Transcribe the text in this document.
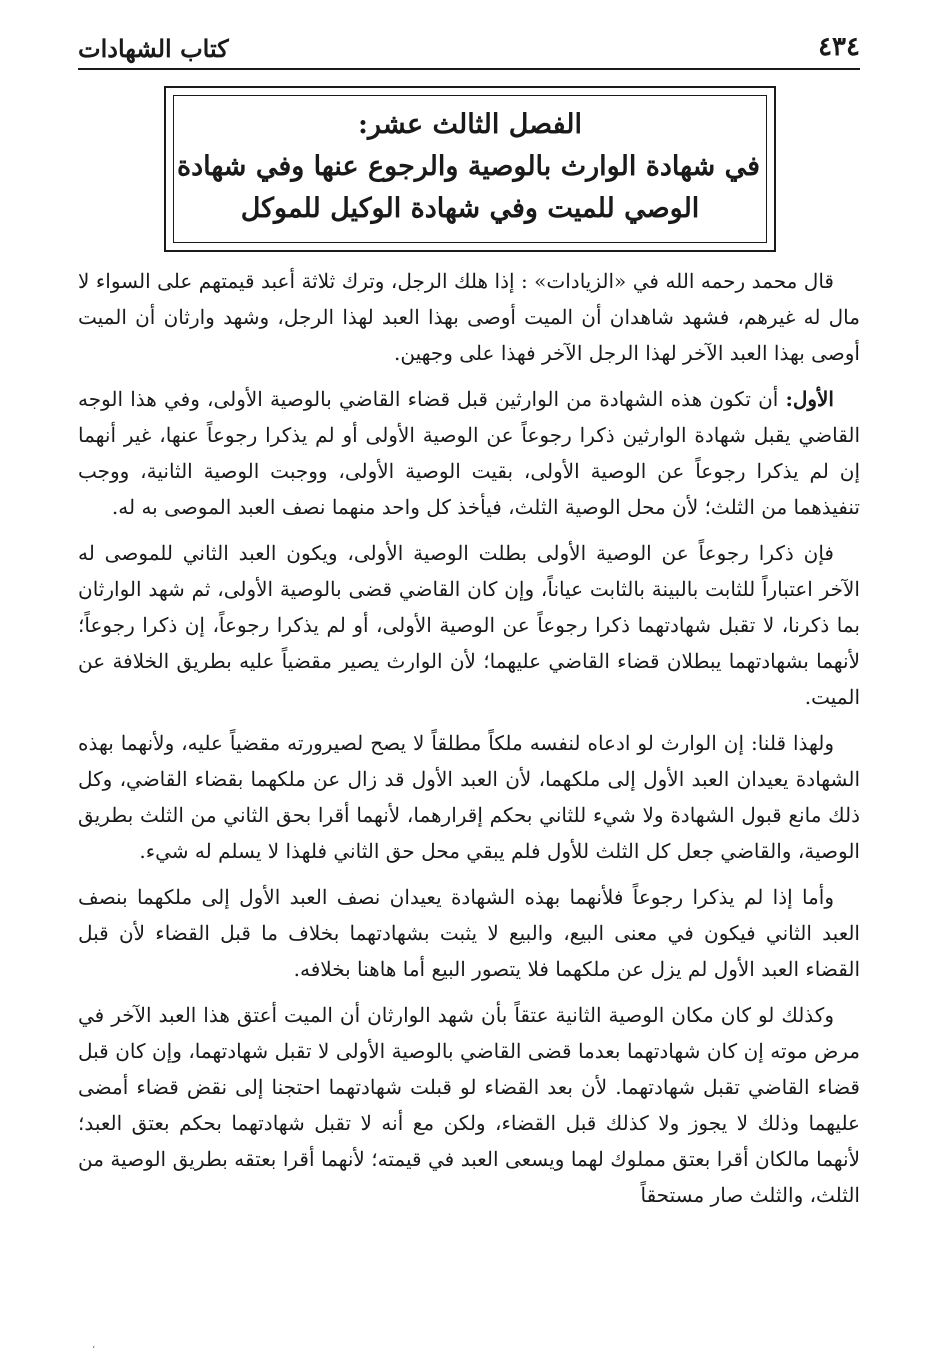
٤٣٤
كتاب الشهادات
الفصل الثالث عشر:
في شهادة الوارث بالوصية والرجوع عنها وفي شهادة
الوصي للميت وفي شهادة الوكيل للموكل

قال محمد رحمه الله في «الزيادات» : إذا هلك الرجل، وترك ثلاثة أعبد قيمتهم على السواء لا مال له غيرهم، فشهد شاهدان أن الميت أوصى بهذا العبد لهذا الرجل، وشهد وارثان أن الميت أوصى بهذا العبد الآخر لهذا الرجل الآخر فهذا على وجهين.

الأول: أن تكون هذه الشهادة من الوارثين قبل قضاء القاضي بالوصية الأولى، وفي هذا الوجه القاضي يقبل شهادة الوارثين ذكرا رجوعاً عن الوصية الأولى أو لم يذكرا رجوعاً عنها، غير أنهما إن لم يذكرا رجوعاً عن الوصية الأولى، بقيت الوصية الأولى، ووجبت الوصية الثانية، ووجب تنفيذهما من الثلث؛ لأن محل الوصية الثلث، فيأخذ كل واحد منهما نصف العبد الموصى به له.

فإن ذكرا رجوعاً عن الوصية الأولى بطلت الوصية الأولى، ويكون العبد الثاني للموصى له الآخر اعتباراً للثابت بالبينة بالثابت عياناً، وإن كان القاضي قضى بالوصية الأولى، ثم شهد الوارثان بما ذكرنا، لا تقبل شهادتهما ذكرا رجوعاً عن الوصية الأولى، أو لم يذكرا رجوعاً، إن ذكرا رجوعاً؛ لأنهما بشهادتهما يبطلان قضاء القاضي عليهما؛ لأن الوارث يصير مقضياً عليه بطريق الخلافة عن الميت.

ولهذا قلنا: إن الوارث لو ادعاه لنفسه ملكاً مطلقاً لا يصح لصيرورته مقضياً عليه، ولأنهما بهذه الشهادة يعيدان العبد الأول إلى ملكهما، لأن العبد الأول قد زال عن ملكهما بقضاء القاضي، وكل ذلك مانع قبول الشهادة ولا شيء للثاني بحكم إقرارهما، لأنهما أقرا بحق الثاني من الثلث بطريق الوصية، والقاضي جعل كل الثلث للأول فلم يبقي محل حق الثاني فلهذا لا يسلم له شيء.

وأما إذا لم يذكرا رجوعاً فلأنهما بهذه الشهادة يعيدان نصف العبد الأول إلى ملكهما بنصف العبد الثاني فيكون في معنى البيع، والبيع لا يثبت بشهادتهما بخلاف ما قبل القضاء لأن قبل القضاء العبد الأول لم يزل عن ملكهما فلا يتصور البيع أما هاهنا بخلافه.

وكذلك لو كان مكان الوصية الثانية عتقاً بأن شهد الوارثان أن الميت أعتق هذا العبد الآخر في مرض موته إن كان شهادتهما بعدما قضى القاضي بالوصية الأولى لا تقبل شهادتهما، وإن كان قبل قضاء القاضي تقبل شهادتهما. لأن بعد القضاء لو قبلت شهادتهما احتجنا إلى نقض قضاء أمضى عليهما وذلك لا يجوز ولا كذلك قبل القضاء، ولكن مع أنه لا تقبل شهادتهما بحكم بعتق العبد؛ لأنهما مالكان أقرا بعتق مملوك لهما ويسعى العبد في قيمته؛ لأنهما أقرا بعتقه بطريق الوصية من الثلث، والثلث صار مستحقاً

،
